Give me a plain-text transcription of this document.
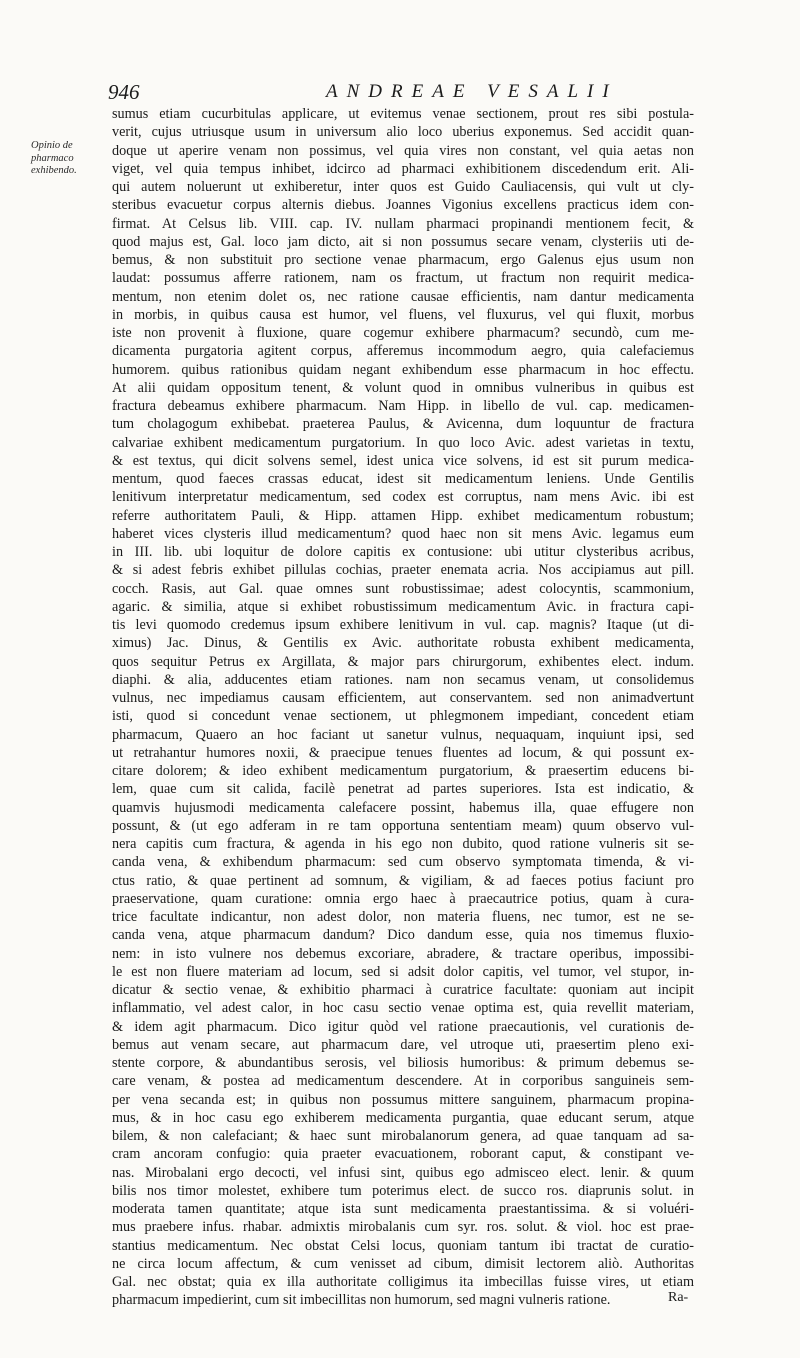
946	ANDREAE VESALII
Opinio de pharmaco exhibendo.
sumus etiam cucurbitulas applicare, ut evitemus venae sectionem, prout res sibi postula-
verit, cujus utriusque usum in universum alio loco uberius exponemus. Sed accidit quan-
doque ut aperire venam non possimus, vel quia vires non constant, vel quia aetas non
viget, vel quia tempus inhibet, idcirco ad pharmaci exhibitionem discedendum erit. Ali-
qui autem noluerunt ut exhiberetur, inter quos est Guido Cauliacensis, qui vult ut cly-
steribus evacuetur corpus alternis diebus. Joannes Vigonius excellens practicus idem con-
firmat. At Celsus lib. VIII. cap. IV. nullam pharmaci propinandi mentionem fecit, &
quod majus est, Gal. loco jam dicto, ait si non possumus secare venam, clysteriis uti de-
bemus, & non substituit pro sectione venae pharmacum, ergo Galenus ejus usum non
laudat: possumus afferre rationem, nam os fractum, ut fractum non requirit medica-
mentum, non etenim dolet os, nec ratione causae efficientis, nam dantur medicamenta
in morbis, in quibus causa est humor, vel fluens, vel fluxurus, vel qui fluxit, morbus
iste non provenit à fluxione, quare cogemur exhibere pharmacum? secundò, cum me-
dicamenta purgatoria agitent corpus, afferemus incommodum aegro, quia calefaciemus
humorem. quibus rationibus quidam negant exhibendum esse pharmacum in hoc effectu.
At alii quidam oppositum tenent, & volunt quod in omnibus vulneribus in quibus est
fractura debeamus exhibere pharmacum. Nam Hipp. in libello de vul. cap. medicamen-
tum cholagogum exhibebat. praeterea Paulus, & Avicenna, dum loquuntur de fractura
calvariae exhibent medicamentum purgatorium. In quo loco Avic. adest varietas in textu,
& est textus, qui dicit solvens semel, idest unica vice solvens, id est sit purum medica-
mentum, quod faeces crassas educat, idest sit medicamentum leniens. Unde Gentilis
lenitivum interpretatur medicamentum, sed codex est corruptus, nam mens Avic. ibi est
referre authoritatem Pauli, & Hipp. attamen Hipp. exhibet medicamentum robustum;
haberet vices clysteris illud medicamentum? quod haec non sit mens Avic. legamus eum
in III. lib. ubi loquitur de dolore capitis ex contusione: ubi utitur clysteribus acribus,
& si adest febris exhibet pillulas cochias, praeter enemata acria. Nos accipiamus aut pill.
cocch. Rasis, aut Gal. quae omnes sunt robustissimae; adest colocyntis, scammonium,
agaric. & similia, atque si exhibet robustissimum medicamentum Avic. in fractura capi-
tis levi quomodo credemus ipsum exhibere lenitivum in vul. cap. magnis? Itaque (ut di-
ximus) Jac. Dinus, & Gentilis ex Avic. authoritate robusta exhibent medicamenta,
quos sequitur Petrus ex Argillata, & major pars chirurgorum, exhibentes elect. indum.
diaphi. & alia, adducentes etiam rationes. nam non secamus venam, ut consolidemus
vulnus, nec impediamus causam efficientem, aut conservantem. sed non animadvertunt
isti, quod si concedunt venae sectionem, ut phlegmonem impediant, concedent etiam
pharmacum, Quaero an hoc faciant ut sanetur vulnus, nequaquam, inquiunt ipsi, sed
ut retrahantur humores noxii, & praecipue tenues fluentes ad locum, & qui possunt ex-
citare dolorem; & ideo exhibent medicamentum purgatorium, & praesertim educens bi-
lem, quae cum sit calida, facilè penetrat ad partes superiores. Ista est indicatio, &
quamvis hujusmodi medicamenta calefacere possint, habemus illa, quae effugere non
possunt, & (ut ego adferam in re tam opportuna sententiam meam) quum observo vul-
nera capitis cum fractura, & agenda in his ego non dubito, quod ratione vulneris sit se-
canda vena, & exhibendum pharmacum: sed cum observo symptomata timenda, & vi-
ctus ratio, & quae pertinent ad somnum, & vigiliam, & ad faeces potius faciunt pro
praeservatione, quam curatione: omnia ergo haec à praecautrice potius, quam à cura-
trice facultate indicantur, non adest dolor, non materia fluens, nec tumor, est ne se-
canda vena, atque pharmacum dandum? Dico dandum esse, quia nos timemus fluxio-
nem: in isto vulnere nos debemus excoriare, abradere, & tractare operibus, impossibi-
le est non fluere materiam ad locum, sed si adsit dolor capitis, vel tumor, vel stupor, in-
dicatur & sectio venae, & exhibitio pharmaci à curatrice facultate: quoniam aut incipit
inflammatio, vel adest calor, in hoc casu sectio venae optima est, quia revellit materiam,
& idem agit pharmacum. Dico igitur quòd vel ratione praecautionis, vel curationis de-
bemus aut venam secare, aut pharmacum dare, vel utroque uti, praesertim pleno exi-
stente corpore, & abundantibus serosis, vel biliosis humoribus: & primum debemus se-
care venam, & postea ad medicamentum descendere. At in corporibus sanguineis sem-
per vena secanda est; in quibus non possumus mittere sanguinem, pharmacum propina-
mus, & in hoc casu ego exhiberem medicamenta purgantia, quae educant serum, atque
bilem, & non calefaciant; & haec sunt mirobalanorum genera, ad quae tanquam ad sa-
cram ancoram confugio: quia praeter evacuationem, roborant caput, & constipant ve-
nas. Mirobalani ergo decocti, vel infusi sint, quibus ego admisceo elect. lenir. & quum
bilis nos timor molestet, exhibere tum poterimus elect. de succo ros. diaprunis solut. in
moderata tamen quantitate; atque ista sunt medicamenta praestantissima. & si voluéri-
mus praebere infus. rhabar. admixtis mirobalanis cum syr. ros. solut. & viol. hoc est prae-
stantius medicamentum. Nec obstat Celsi locus, quoniam tantum ibi tractat de curatio-
ne circa locum affectum, & cum venisset ad cibum, dimisit lectorem aliò. Authoritas
Gal. nec obstat; quia ex illa authoritate colligimus ita imbecillas fuisse vires, ut etiam
pharmacum impedierint, cum sit imbecillitas non humorum, sed magni vulneris ratione.	Ra-
